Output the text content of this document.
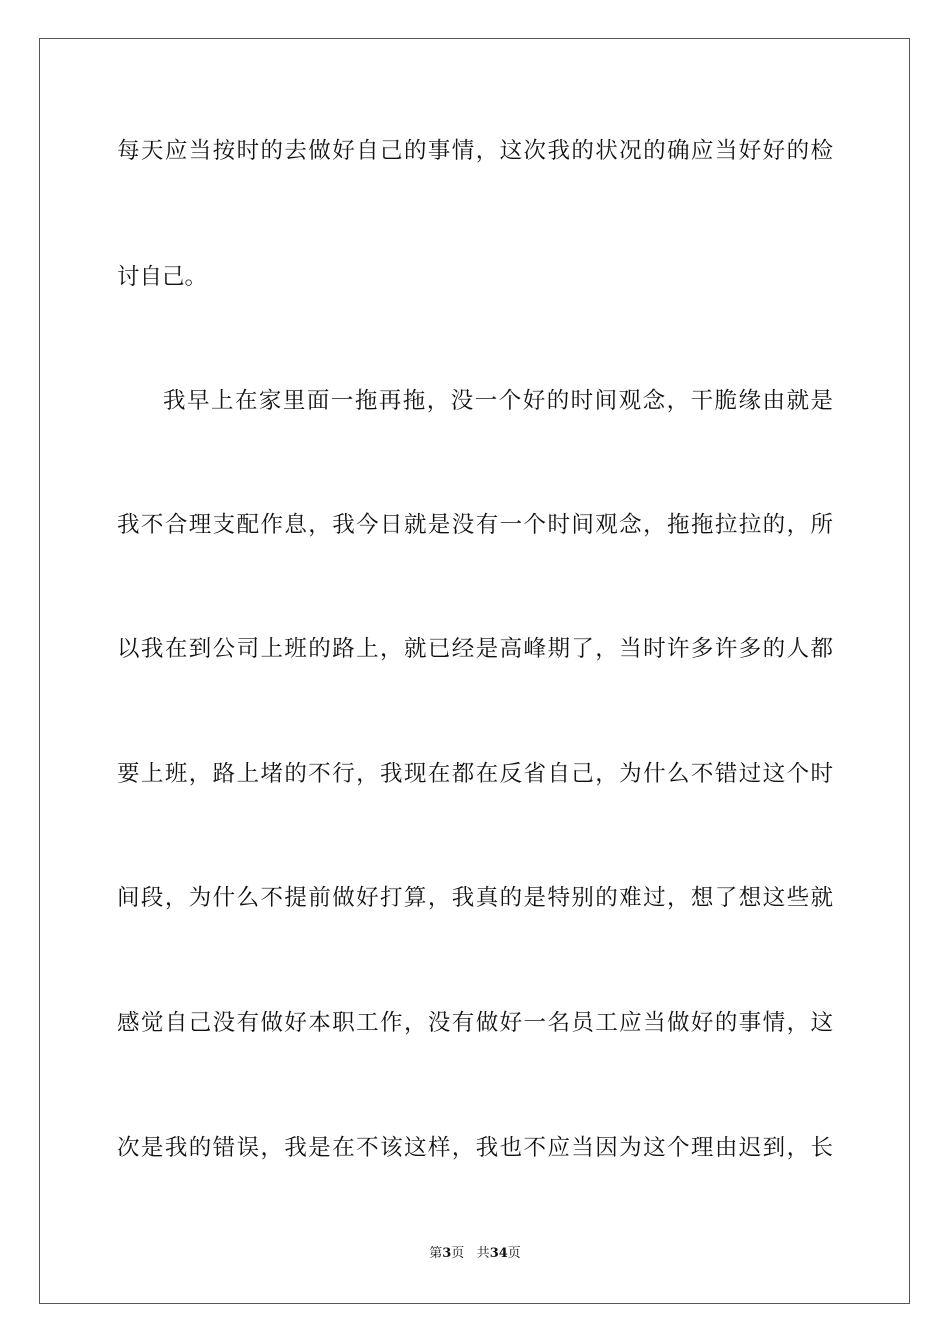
每天应当按时的去做好自己的事情，这次我的状况的确应当好好的检
讨自己。
我早上在家里面一拖再拖，没一个好的时间观念，干脆缘由就是
我不合理支配作息，我今日就是没有一个时间观念，拖拖拉拉的，所
以我在到公司上班的路上，就已经是高峰期了，当时许多许多的人都
要上班，路上堵的不行，我现在都在反省自己，为什么不错过这个时
间段，为什么不提前做好打算，我真的是特别的难过，想了想这些就
感觉自己没有做好本职工作，没有做好一名员工应当做好的事情，这
次是我的错误，我是在不该这样，我也不应当因为这个理由迟到，长
第3页 共34页
